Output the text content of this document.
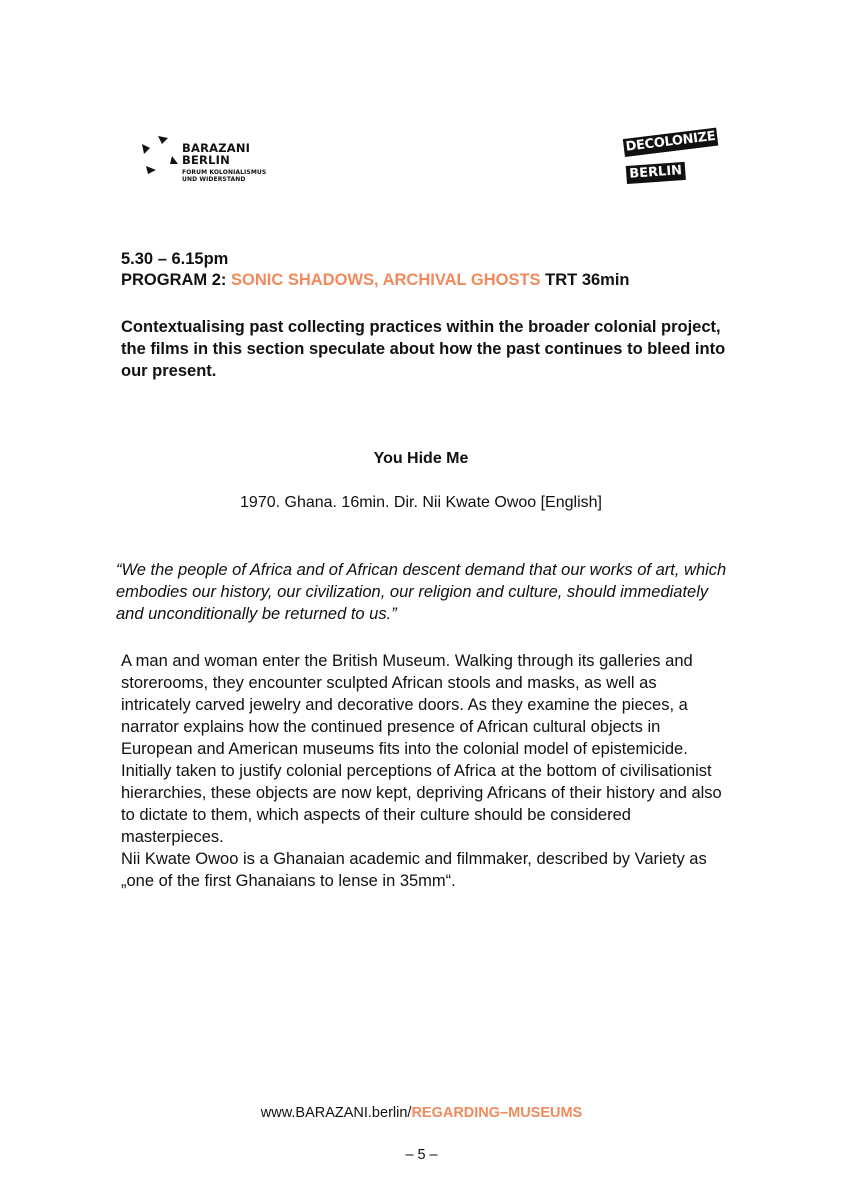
BARAZANI
BERLIN
FORUM KOLONIALISMUS
UND WIDERSTAND
DECOLONIZE
BERLIN
5.30 – 6.15pm
PROGRAM 2: SONIC SHADOWS, ARCHIVAL GHOSTS TRT 36min

Contextualising past collecting practices within the broader colonial project, the films in this section speculate about how the past continues to bleed into our present.

You Hide Me
1970. Ghana. 16min. Dir. Nii Kwate Owoo [English]

“We the people of Africa and of African descent demand that our works of art, which embodies our history, our civilization, our religion and culture, should immediately and unconditionally be returned to us.”

A man and woman enter the British Museum. Walking through its galleries and storerooms, they encounter sculpted African stools and masks, as well as intricately carved jewelry and decorative doors. As they examine the pieces, a narrator explains how the continued presence of African cultural objects in European and American museums fits into the colonial model of epistemicide. Initially taken to justify colonial perceptions of Africa at the bottom of civilisationist hierarchies, these objects are now kept, depriving Africans of their history and also to dictate to them, which aspects of their culture should be considered masterpieces.
Nii Kwate Owoo is a Ghanaian academic and filmmaker, described by Variety as „one of the first Ghanaians to lense in 35mm“.
www.BARAZANI.berlin/REGARDING–MUSEUMS
– 5 –
